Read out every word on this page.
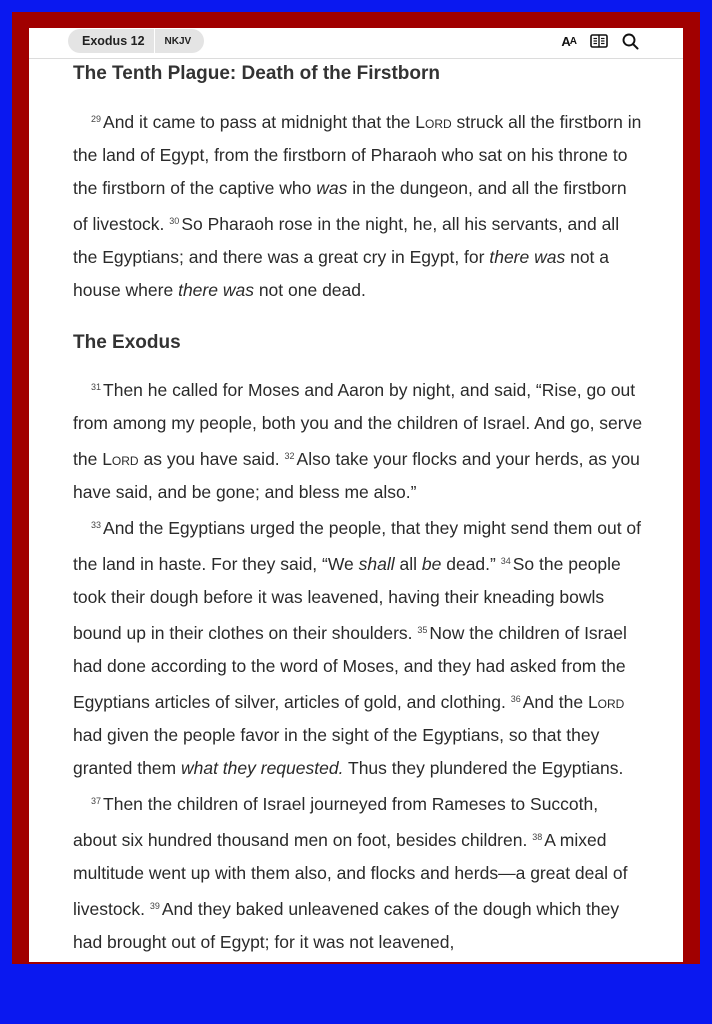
Exodus 12	NKJV	A A
The Tenth Plague: Death of the Firstborn

$^{29}$ And it came to pass at midnight that the Lord struck all the firstborn in the land of Egypt, from the firstborn of Pharaoh who sat on his throne to the firstborn of the captive who was in the dungeon, and all the firstborn of livestock. $^{30}$ So Pharaoh rose in the night, he, all his servants, and all the Egyptians; and there was a great cry in Egypt, for there was not a house where there was not one dead.

The Exodus

$^{31}$ Then he called for Moses and Aaron by night, and said, “Rise, go out from among my people, both you and the children of Israel. And go, serve the Lord as you have said. $^{32}$ Also take your flocks and your herds, as you have said, and be gone; and bless me also.”

$^{33}$ And the Egyptians urged the people, that they might send them out of the land in haste. For they said, “We shall all be dead.” $^{34}$ So the people took their dough before it was leavened, having their kneading bowls bound up in their clothes on their shoulders. $^{35}$ Now the children of Israel had done according to the word of Moses, and they had asked from the Egyptians articles of silver, articles of gold, and clothing. $^{36}$ And the Lord had given the people favor in the sight of the Egyptians, so that they granted them what they requested. Thus they plundered the Egyptians.

$^{37}$ Then the children of Israel journeyed from Rameses to Succoth, about six hundred thousand men on foot, besides children. $^{38}$ A mixed multitude went up with them also, and flocks and herds—a great deal of livestock. $^{39}$ And they baked unleavened cakes of the dough which they had brought out of Egypt; for it was not leavened,
